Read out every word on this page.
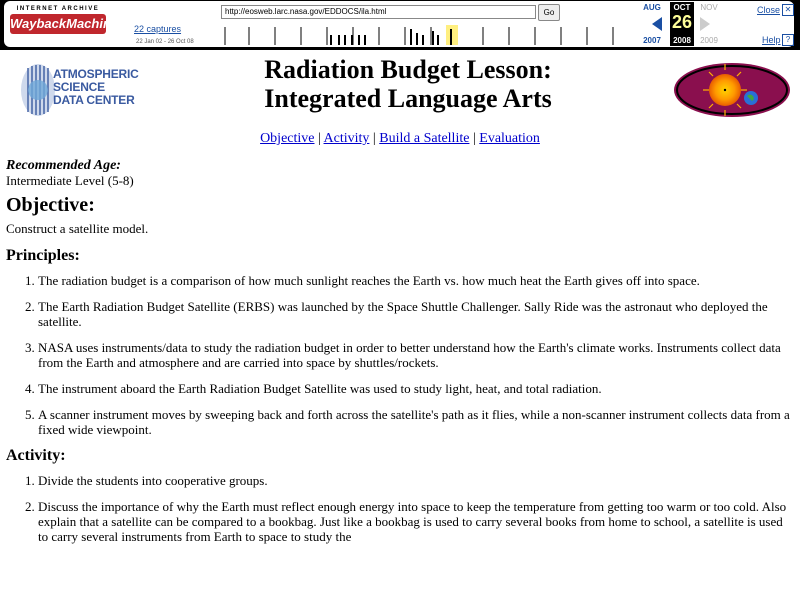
INTERNET ARCHIVE
WaybackMachine 22 captures
22 Jan 02 - 26 Oct 08
http://eosweb.larc.nasa.gov/EDDOCS/ila.html	Go
AUG	OCT	NOV
26
2007	2008	2009
Close ✕
Help ?
ATMOSPHERIC
SCIENCE
DATA CENTER
Radiation Budget Lesson:
Integrated Language Arts
Objective | Activity | Build a Satellite | Evaluation
Recommended Age:

Intermediate Level (5-8)

Objective:

Construct a satellite model.

Principles:
1. The radiation budget is a comparison of how much sunlight reaches the Earth vs. how much heat the Earth gives off into space.
2. The Earth Radiation Budget Satellite (ERBS) was launched by the Space Shuttle Challenger. Sally Ride was the astronaut who deployed the satellite.
3. NASA uses instruments/data to study the radiation budget in order to better understand how the Earth's climate works. Instruments collect data from the Earth and atmosphere and are carried into space by shuttles/rockets.
4. The instrument aboard the Earth Radiation Budget Satellite was used to study light, heat, and total radiation.
5. A scanner instrument moves by sweeping back and forth across the satellite's path as it flies, while a non-scanner instrument collects data from a fixed wide viewpoint.
Activity:
1. Divide the students into cooperative groups.
2. Discuss the importance of why the Earth must reflect enough energy into space to keep the temperature from getting too warm or too cold. Also explain that a satellite can be compared to a bookbag. Just like a bookbag is used to carry several books from home to school, a satellite is used to carry several instruments from Earth to space to study the
